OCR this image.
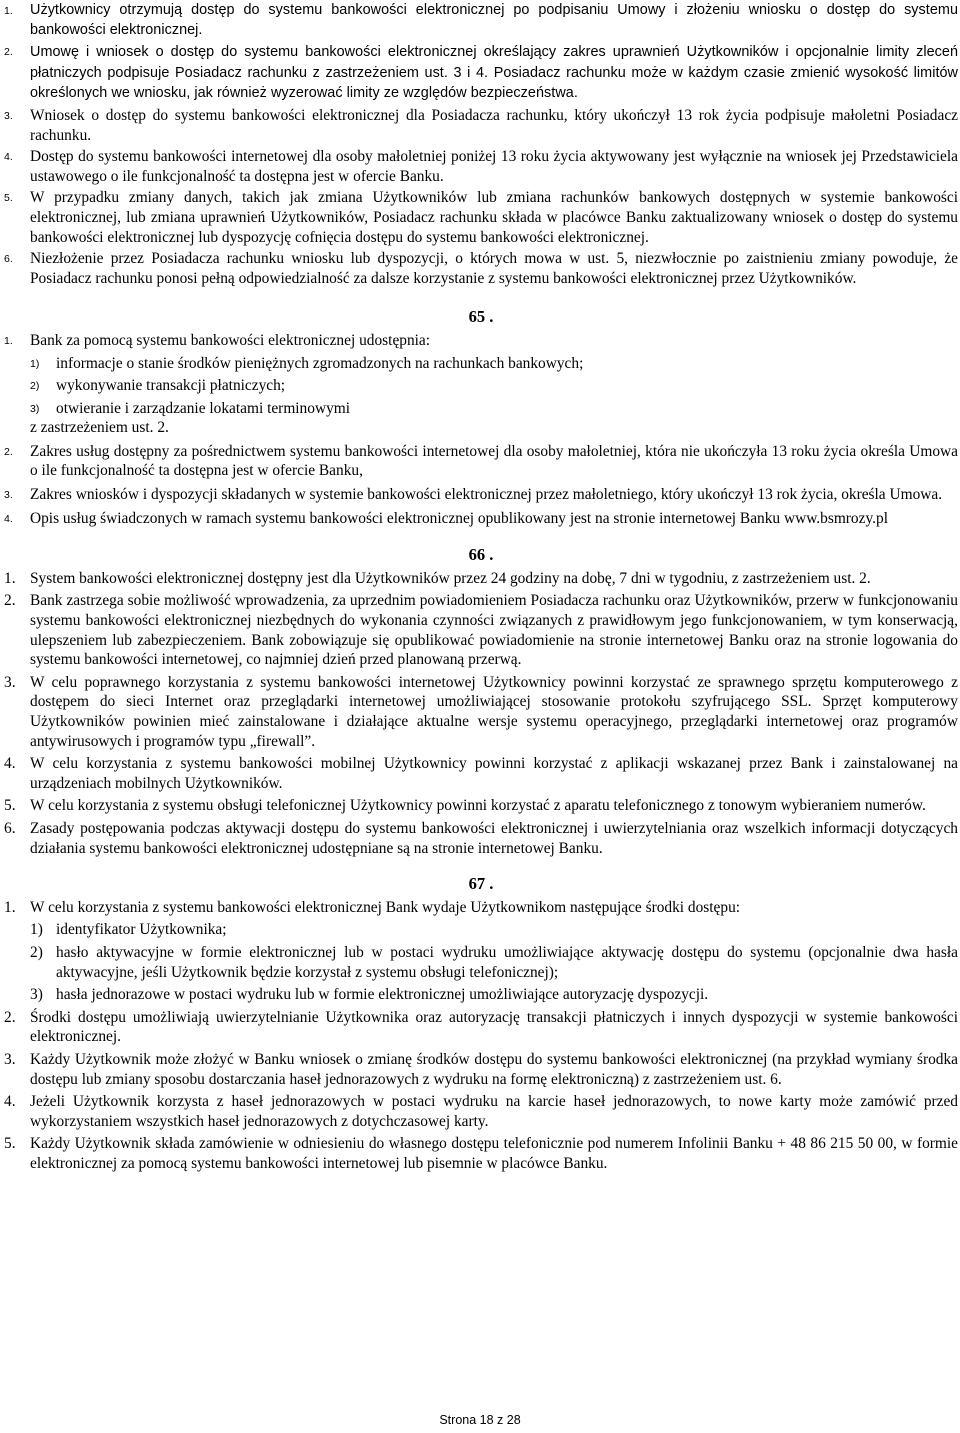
1. Użytkownicy otrzymują dostęp do systemu bankowości elektronicznej po podpisaniu Umowy i złożeniu wniosku o dostęp do systemu bankowości elektronicznej.
2. Umowę i wniosek o dostęp do systemu bankowości elektronicznej określający zakres uprawnień Użytkowników i opcjonalnie limity zleceń płatniczych podpisuje Posiadacz rachunku z zastrzeżeniem ust. 3 i 4. Posiadacz rachunku może w każdym czasie zmienić wysokość limitów określonych we wniosku, jak również wyzerować limity ze względów bezpieczeństwa.
3. Wniosek o dostęp do systemu bankowości elektronicznej dla Posiadacza rachunku, który ukończył 13 rok życia podpisuje małoletni Posiadacz rachunku.
4. Dostęp do systemu bankowości internetowej dla osoby małoletniej poniżej 13 roku życia aktywowany jest wyłącznie na wniosek jej Przedstawiciela ustawowego o ile funkcjonalność ta dostępna jest w ofercie Banku.
5. W przypadku zmiany danych, takich jak zmiana Użytkowników lub zmiana rachunków bankowych dostępnych w systemie bankowości elektronicznej, lub zmiana uprawnień Użytkowników, Posiadacz rachunku składa w placówce Banku zaktualizowany wniosek o dostęp do systemu bankowości elektronicznej lub dyspozycję cofnięcia dostępu do systemu bankowości elektronicznej.
6. Niezłożenie przez Posiadacza rachunku wniosku lub dyspozycji, o których mowa w ust. 5, niezwłocznie po zaistnieniu zmiany powoduje, że Posiadacz rachunku ponosi pełną odpowiedzialność za dalsze korzystanie z systemu bankowości elektronicznej przez Użytkowników.
65 .
1. Bank za pomocą systemu bankowości elektronicznej udostępnia:
1) informacje o stanie środków pieniężnych zgromadzonych na rachunkach bankowych;
2) wykonywanie transakcji płatniczych;
3) otwieranie i zarządzanie lokatami terminowymi
z zastrzeżeniem ust. 2.
2. Zakres usług dostępny za pośrednictwem systemu bankowości internetowej dla osoby małoletniej, która nie ukończyła 13 roku życia określa Umowa o ile funkcjonalność ta dostępna jest w ofercie Banku,
3. Zakres wniosków i dyspozycji składanych w systemie bankowości elektronicznej przez małoletniego, który ukończył 13 rok życia, określa Umowa.
4. Opis usług świadczonych w ramach systemu bankowości elektronicznej opublikowany jest na stronie internetowej Banku www.bsmrozy.pl
66 .
1. System bankowości elektronicznej dostępny jest dla Użytkowników przez 24 godziny na dobę, 7 dni w tygodniu, z zastrzeżeniem ust. 2.
2. Bank zastrzega sobie możliwość wprowadzenia, za uprzednim powiadomieniem Posiadacza rachunku oraz Użytkowników, przerw w funkcjonowaniu systemu bankowości elektronicznej niezbędnych do wykonania czynności związanych z prawidłowym jego funkcjonowaniem, w tym konserwacją, ulepszeniem lub zabezpieczeniem. Bank zobowiązuje się opublikować powiadomienie na stronie internetowej Banku oraz na stronie logowania do systemu bankowości internetowej, co najmniej dzień przed planowaną przerwą.
3. W celu poprawnego korzystania z systemu bankowości internetowej Użytkownicy powinni korzystać ze sprawnego sprzętu komputerowego z dostępem do sieci Internet oraz przeglądarki internetowej umożliwiającej stosowanie protokołu szyfrującego SSL. Sprzęt komputerowy Użytkowników powinien mieć zainstalowane i działające aktualne wersje systemu operacyjnego, przeglądarki internetowej oraz programów antywirusowych i programów typu „firewall”.
4. W celu korzystania z systemu bankowości mobilnej Użytkownicy powinni korzystać z aplikacji wskazanej przez Bank i zainstalowanej na urządzeniach mobilnych Użytkowników.
5. W celu korzystania z systemu obsługi telefonicznej Użytkownicy powinni korzystać z aparatu telefonicznego z tonowym wybieraniem numerów.
6. Zasady postępowania podczas aktywacji dostępu do systemu bankowości elektronicznej i uwierzytelniania oraz wszelkich informacji dotyczących działania systemu bankowości elektronicznej udostępniane są na stronie internetowej Banku.
67 .
1. W celu korzystania z systemu bankowości elektronicznej Bank wydaje Użytkownikom następujące środki dostępu:
1) identyfikator Użytkownika;
2) hasło aktywacyjne w formie elektronicznej lub w postaci wydruku umożliwiające aktywację dostępu do systemu (opcjonalnie dwa hasła aktywacyjne, jeśli Użytkownik będzie korzystał z systemu obsługi telefonicznej);
3) hasła jednorazowe w postaci wydruku lub w formie elektronicznej umożliwiające autoryzację dyspozycji.
2. Środki dostępu umożliwiają uwierzytelnianie Użytkownika oraz autoryzację transakcji płatniczych i innych dyspozycji w systemie bankowości elektronicznej.
3. Każdy Użytkownik może złożyć w Banku wniosek o zmianę środków dostępu do systemu bankowości elektronicznej (na przykład wymiany środka dostępu lub zmiany sposobu dostarczania haseł jednorazowych z wydruku na formę elektroniczną) z zastrzeżeniem ust. 6.
4. Jeżeli Użytkownik korzysta z haseł jednorazowych w postaci wydruku na karcie haseł jednorazowych, to nowe karty może zamówić przed wykorzystaniem wszystkich haseł jednorazowych z dotychczasowej karty.
5. Każdy Użytkownik składa zamówienie w odniesieniu do własnego dostępu telefonicznie pod numerem Infolinii Banku + 48 86 215 50 00, w formie elektronicznej za pomocą systemu bankowości internetowej lub pisemnie w placówce Banku.
Strona 18 z 28
